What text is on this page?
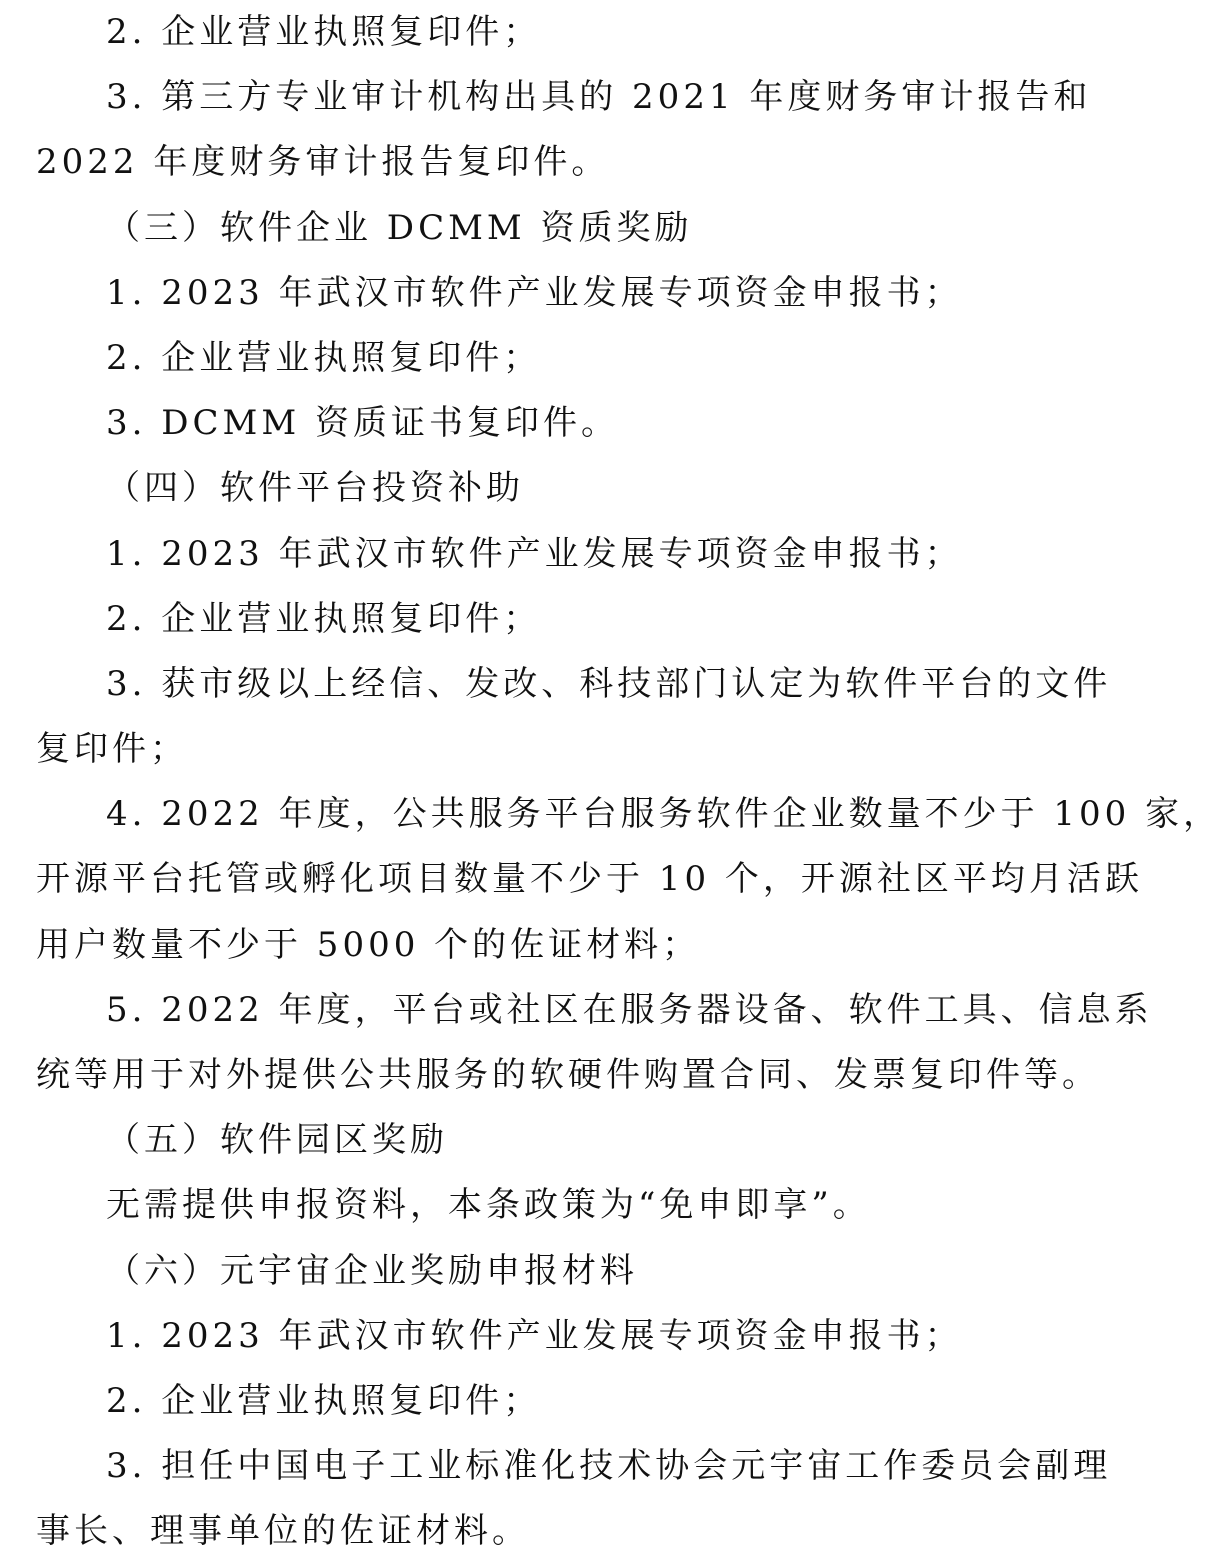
2. 企业营业执照复印件；

3. 第三方专业审计机构出具的 2021 年度财务审计报告和

2022 年度财务审计报告复印件。

（三）软件企业 DCMM 资质奖励

1. 2023 年武汉市软件产业发展专项资金申报书；

2. 企业营业执照复印件；

3. DCMM 资质证书复印件。

（四）软件平台投资补助

1. 2023 年武汉市软件产业发展专项资金申报书；

2. 企业营业执照复印件；

3. 获市级以上经信、发改、科技部门认定为软件平台的文件

复印件；

4. 2022 年度，公共服务平台服务软件企业数量不少于 100 家，

开源平台托管或孵化项目数量不少于 10 个，开源社区平均月活跃

用户数量不少于 5000 个的佐证材料；

5. 2022 年度，平台或社区在服务器设备、软件工具、信息系

统等用于对外提供公共服务的软硬件购置合同、发票复印件等。

（五）软件园区奖励

无需提供申报资料，本条政策为“免申即享”。

（六）元宇宙企业奖励申报材料

1. 2023 年武汉市软件产业发展专项资金申报书；

2. 企业营业执照复印件；

3. 担任中国电子工业标准化技术协会元宇宙工作委员会副理

事长、理事单位的佐证材料。
